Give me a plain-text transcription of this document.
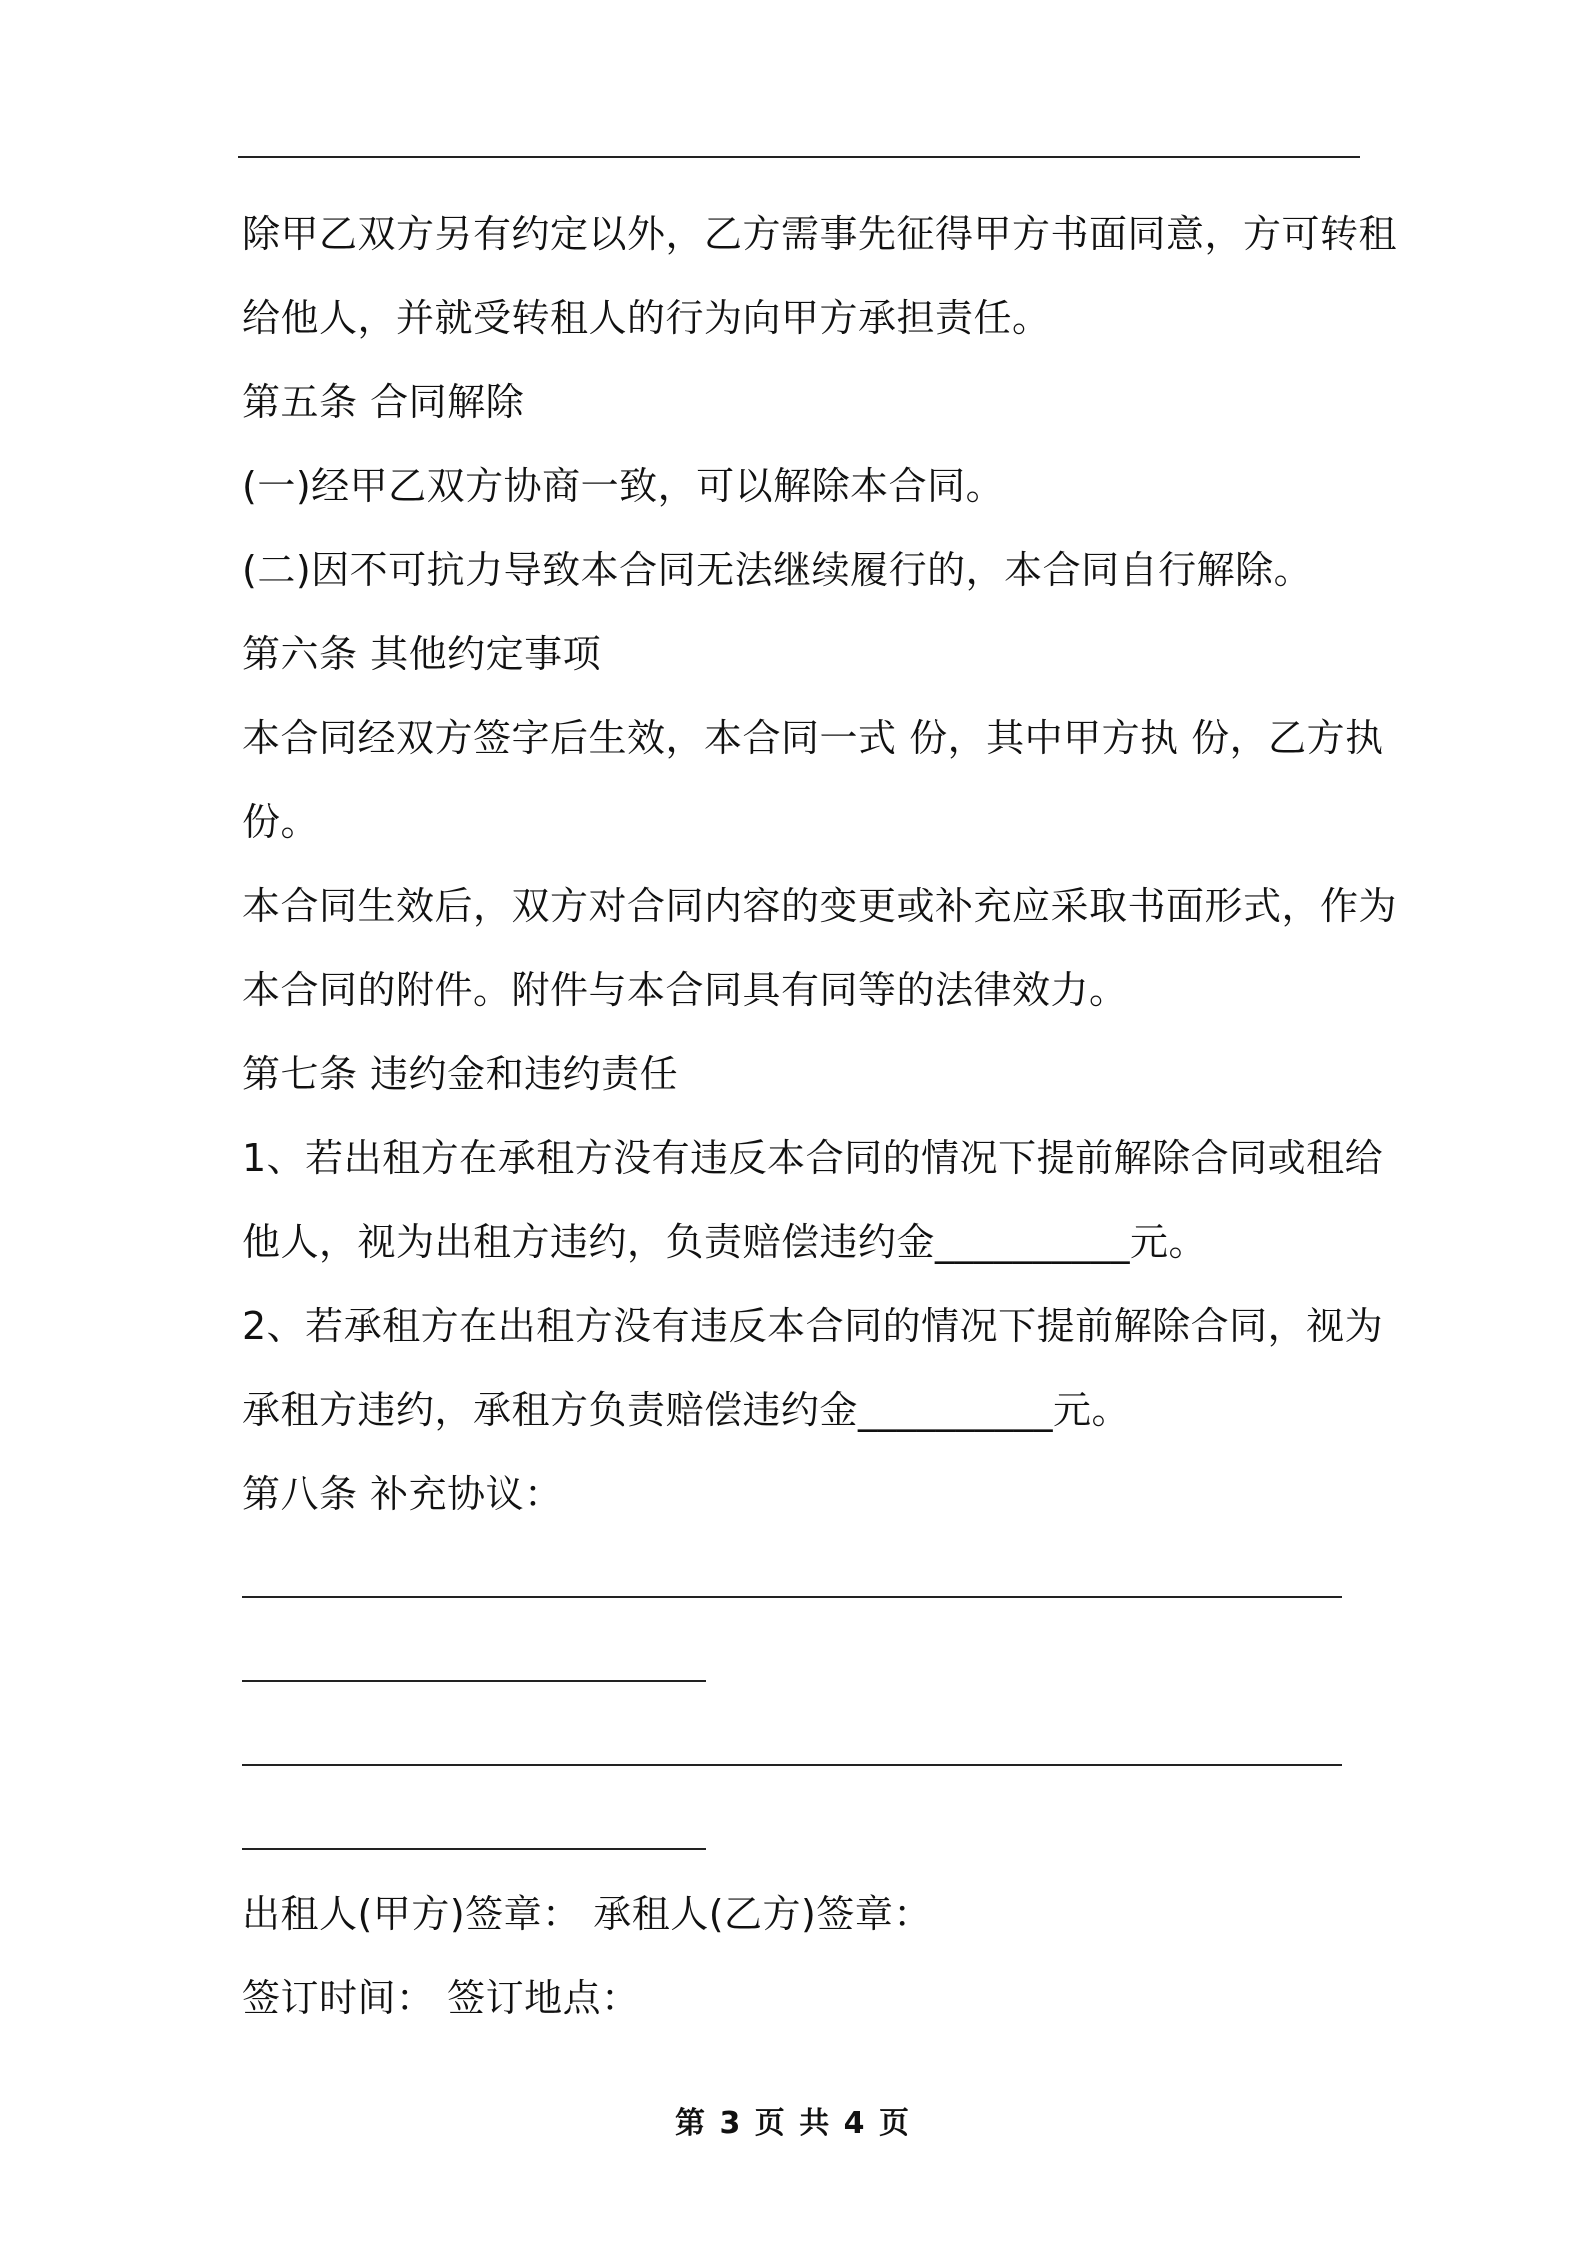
除甲乙双方另有约定以外，乙方需事先征得甲方书面同意，方可转租
给他人，并就受转租人的行为向甲方承担责任。
第五条 合同解除
(一)经甲乙双方协商一致，可以解除本合同。
(二)因不可抗力导致本合同无法继续履行的，本合同自行解除。
第六条 其他约定事项
本合同经双方签字后生效，本合同一式 份，其中甲方执 份，乙方执
份。
本合同生效后，双方对合同内容的变更或补充应采取书面形式，作为
本合同的附件。附件与本合同具有同等的法律效力。
第七条 违约金和违约责任
1、若出租方在承租方没有违反本合同的情况下提前解除合同或租给
他人，视为出租方违约，负责赔偿违约金__________元。
2、若承租方在出租方没有违反本合同的情况下提前解除合同，视为
承租方违约，承租方负责赔偿违约金__________元。
第八条 补充协议：
出租人(甲方)签章： 承租人(乙方)签章：
签订时间： 签订地点：
第 3 页 共 4 页
